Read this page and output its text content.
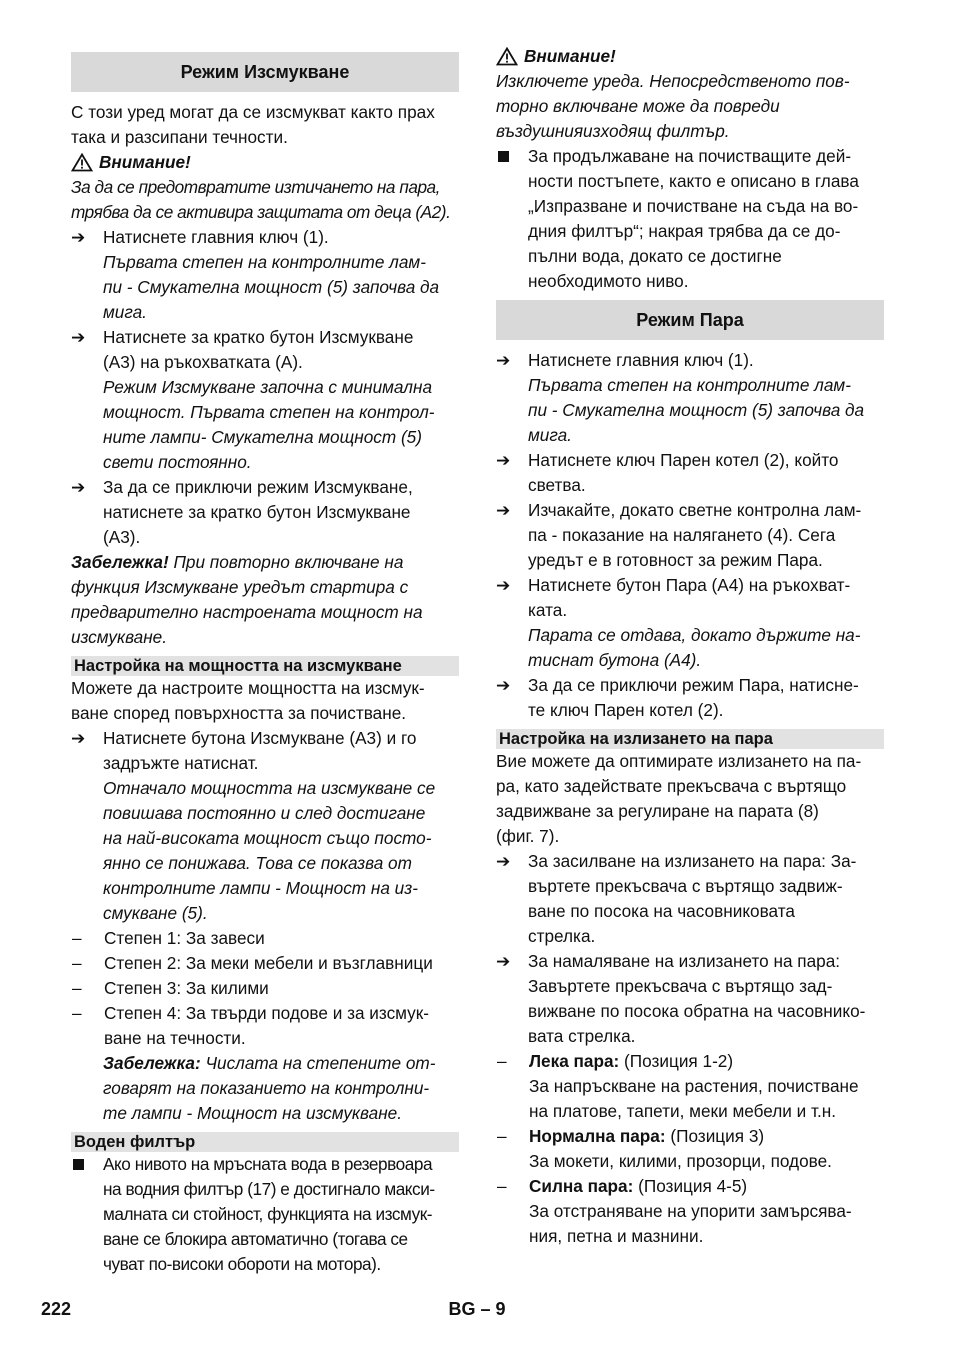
Режим Изсмукване
С този уред могат да се изсмукват както прах
така и разсипани течности.
Внимание!
За да се предотвратите изтичането на пара,
трябва да се активира защитата от деца (A2).
➔	Натиснете главния ключ (1).
Първата степен на контролните лам-
пи - Смукателна мощност (5) започва да
мига.
➔	Натиснете за кратко бутон Изсмукване
(A3) на ръкохватката (A).
Режим Изсмукване започна с минимална
мощност. Първата степен на контрол-
ните лампи- Смукателна мощност (5)
свети постоянно.
➔	За да се приключи режим Изсмукване,
натиснете за кратко бутон Изсмукване
(A3).
Забележка! При повторно включване на
функция Изсмукване уредът стартира с
предварително настроената мощност на
изсмукване.
Настройка на мощността на изсмукване
Можете да настроите мощността на изсмук-
ване според повърхността за почистване.
➔	Натиснете бутона Изсмукване (A3) и го
задръжте натиснат.
Отначало мощността на изсмукване се
повишава постоянно и след достигане
на най-високата мощност също посто-
янно се понижава. Това се показва от
контролните лампи - Мощност на из-
смукване (5).
–	Степен 1: За завеси
–	Степен 2: За меки мебели и възглавници
–	Степен 3: За килими
–	Степен 4: За твърди подове и за изсмук-
ване на течности.
Забележка: Числата на степените от-
говарят на показанието на контролни-
те лампи - Мощност на изсмукване.
Воден филтър
Ако нивото на мръсната вода в резервоара
на водния филтър (17) е достигнало макси-
малната си стойност, функцията на изсмук-
ване се блокира автоматично (тогава се
чуват по-високи обороти на мотора).
Внимание!
Изключете уреда. Непосредственото пов-
торно включване може да повреди
въздушнияизходящ филтър.
За продължаване на почистващите дей-
ности постъпете, както е описано в глава
„Изпразване и почистване на съда на во-
дния филтър“; накрая трябва да се до-
пълни вода, докато се достигне
необходимото ниво.
Режим Пара
➔	Натиснете главния ключ (1).
Първата степен на контролните лам-
пи - Смукателна мощност (5) започва да
мига.
➔	Натиснете ключ Парен котел (2), който
светва.
➔	Изчакайте, докато светне контролна лам-
па - показание на налягането (4). Сега
уредът е в готовност за режим Пара.
➔	Натиснете бутон Пара (A4) на ръкохват-
ката.
Парата се отдава, докато държите на-
тиснат бутона (A4).
➔	За да се приключи режим Пара, натисне-
те ключ Парен котел (2).
Настройка на излизането на пара
Вие можете да оптимирате излизането на па-
ра, като задействате прекъсвача с въртящо
задвижване за регулиране на парата (8)
(фиг. 7).
➔	За засилване на излизането на пара: За-
въртете прекъсвача с въртящо задвиж-
ване по посока на часовниковата
стрелка.
➔	За намаляване на излизането на пара:
Завъртете прекъсвача с въртящо зад-
вижване по посока обратна на часовнико-
вата стрелка.
–	Лека пара: (Позиция 1-2)
За напръскване на растения, почистване
на платове, тапети, меки мебели и т.н.
–	Нормална пара: (Позиция 3)
За мокети, килими, прозорци, подове.
–	Силна пара: (Позиция 4-5)
За отстраняване на упорити замърсява-
ния, петна и мазнини.
BG – 9
222
